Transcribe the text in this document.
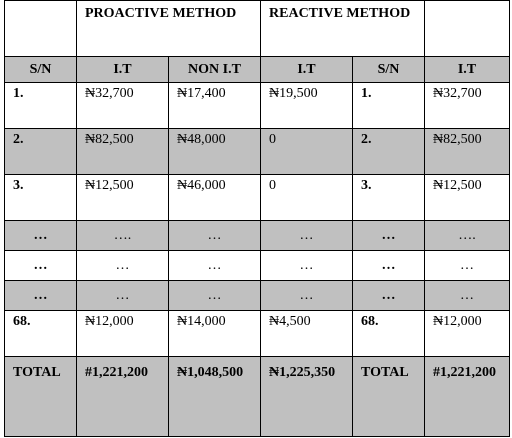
	PROACTIVE METHOD		REACTIVE METHOD		
S/N	I.T	NON I.T	I.T	S/N	I.T
1.	₦32,700	₦17,400	₦19,500	1.	₦32,700
2.	₦82,500	₦48,000	0	2.	₦82,500
3.	₦12,500	₦46,000	0	3.	₦12,500
…	….	…	…	…	….
…	…	…	…	…	…
…	…	…	…	…	…
68.	₦12,000	₦14,000	₦4,500	68.	₦12,000
TOTAL	#1,221,200	₦1,048,500	₦1,225,350	TOTAL	#1,221,200
